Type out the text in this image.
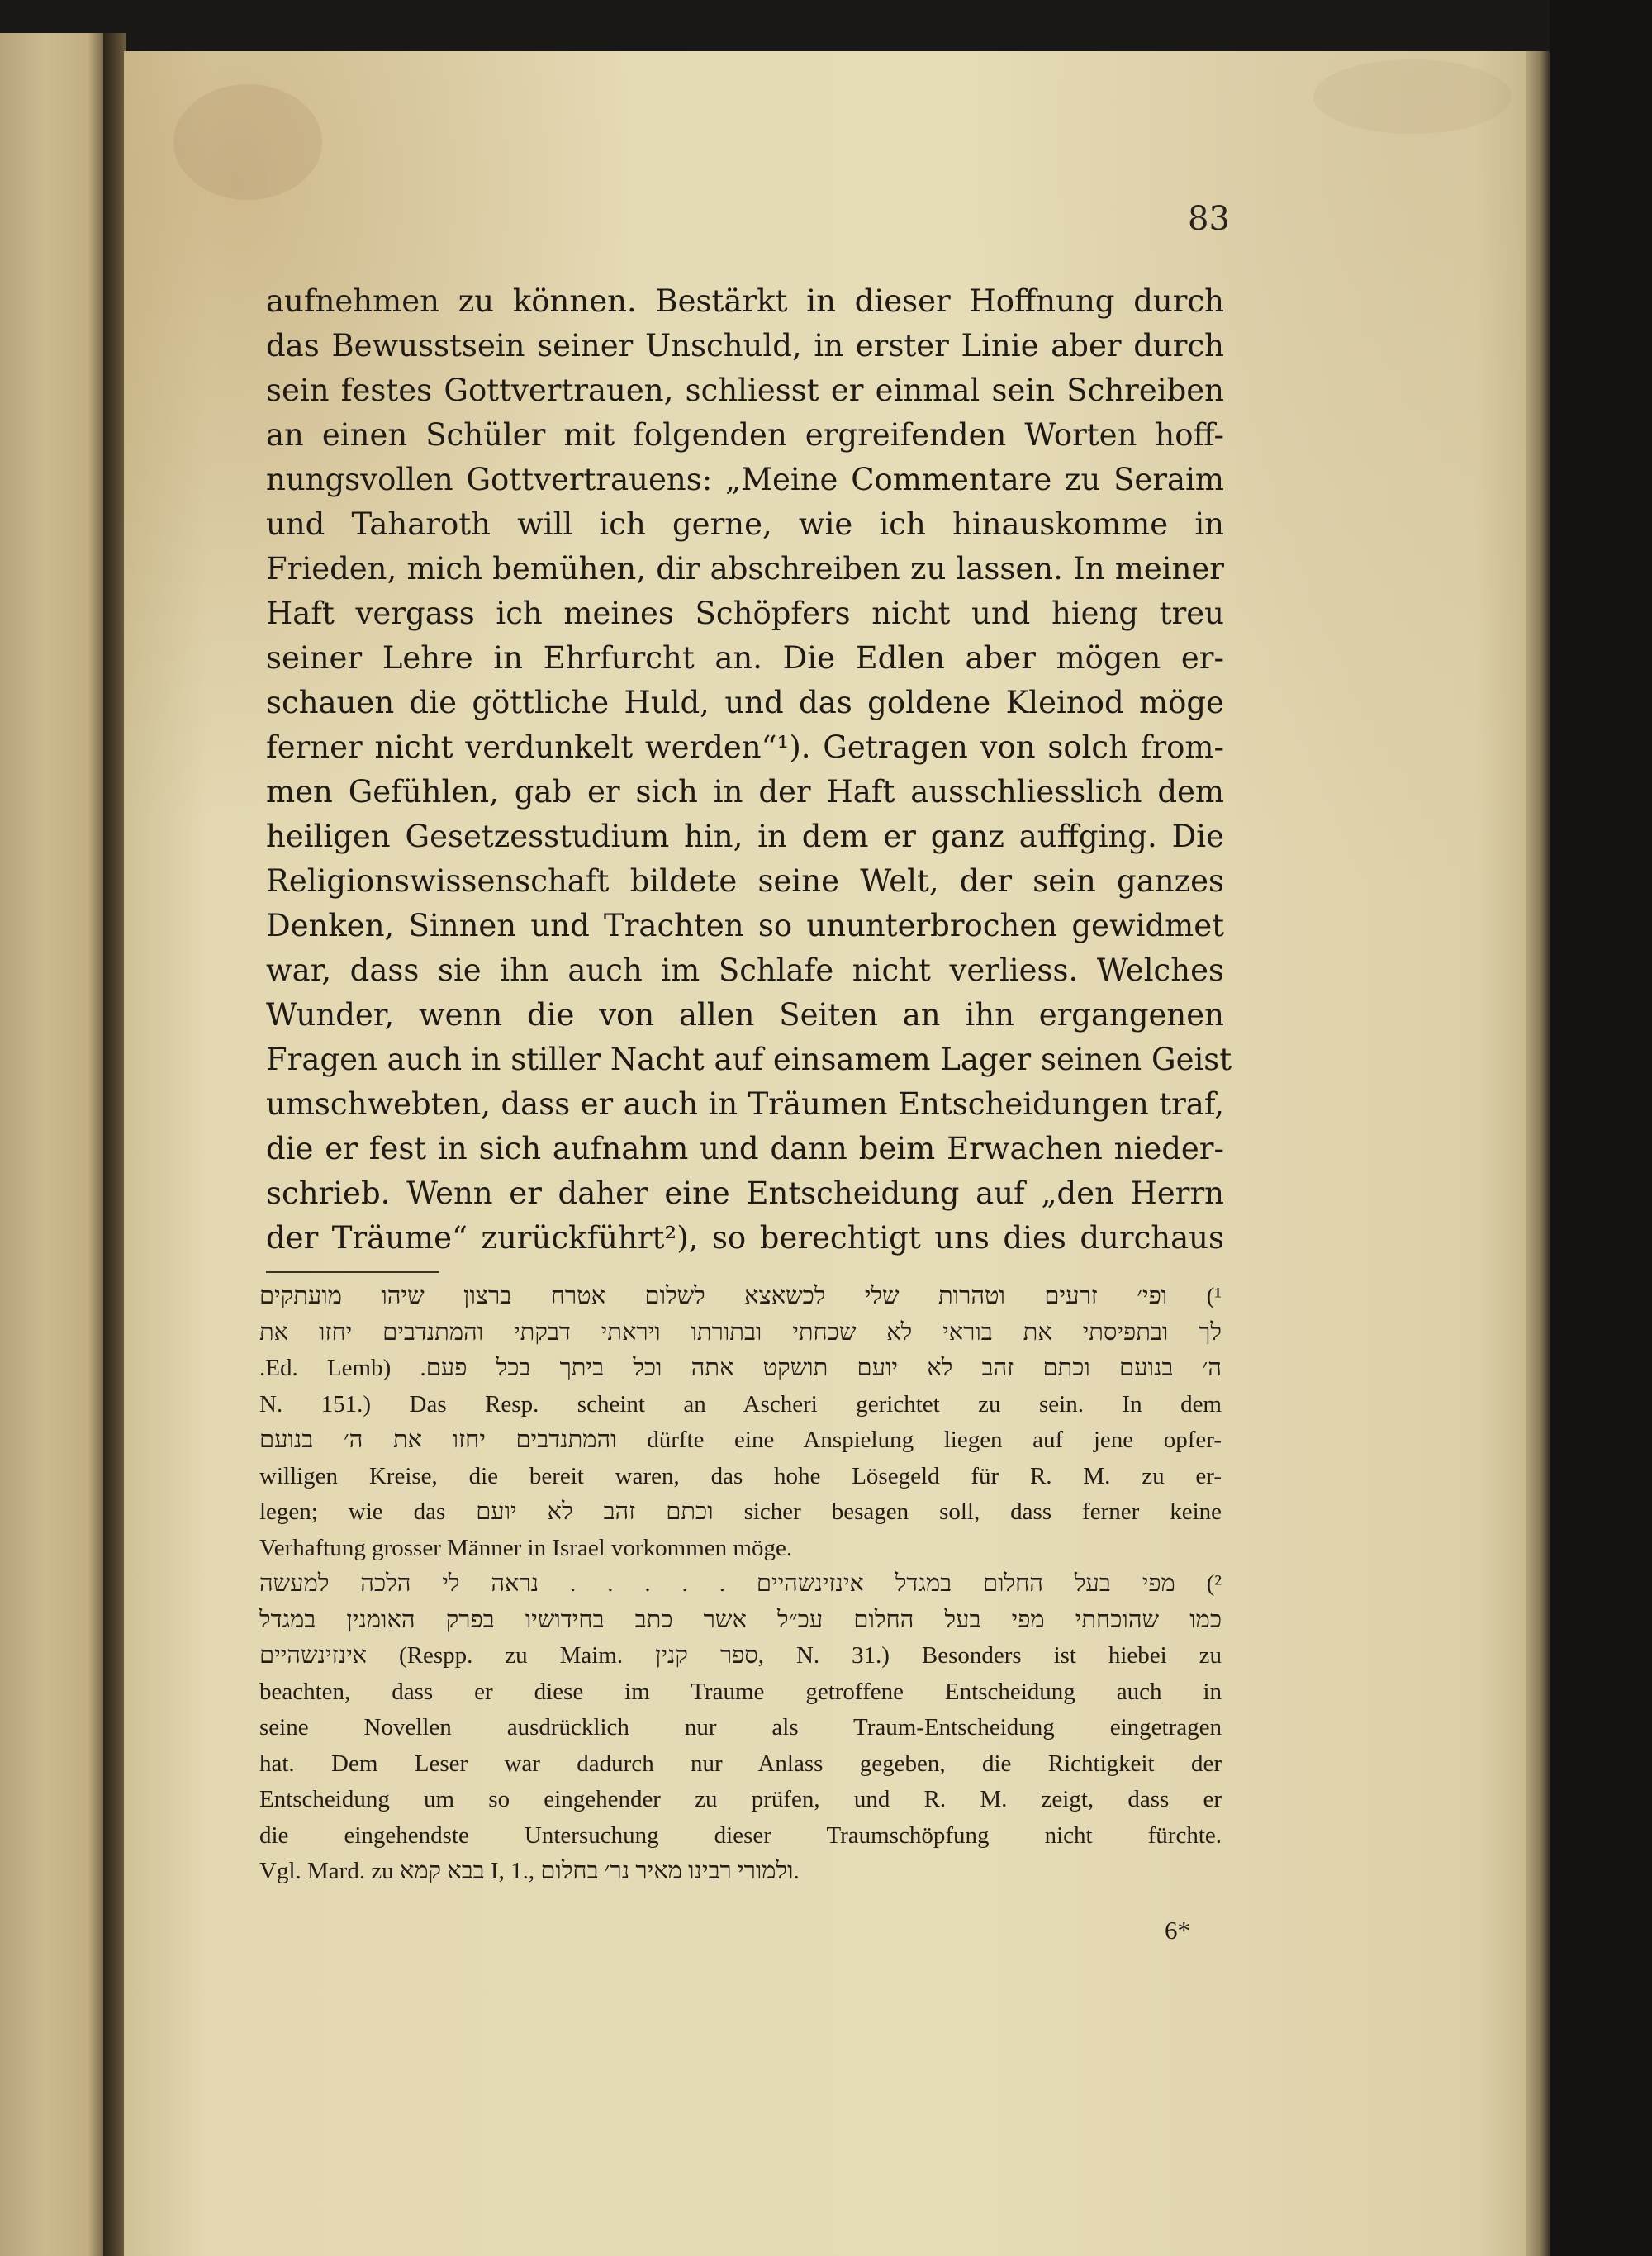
83
aufnehmen zu können. Bestärkt in dieser Hoffnung durch
das Bewusstsein seiner Unschuld, in erster Linie aber durch
sein festes Gottvertrauen, schliesst er einmal sein Schreiben
an einen Schüler mit folgenden ergreifenden Worten hoff-
nungsvollen Gottvertrauens: „Meine Commentare zu Seraim
und Taharoth will ich gerne, wie ich hinauskomme in
Frieden, mich bemühen, dir abschreiben zu lassen. In meiner
Haft vergass ich meines Schöpfers nicht und hieng treu
seiner Lehre in Ehrfurcht an. Die Edlen aber mögen er-
schauen die göttliche Huld, und das goldene Kleinod möge
ferner nicht verdunkelt werden“¹). Getragen von solch from-
men Gefühlen, gab er sich in der Haft ausschliesslich dem
heiligen Gesetzesstudium hin, in dem er ganz auffging. Die
Religionswissenschaft bildete seine Welt, der sein ganzes
Denken, Sinnen und Trachten so ununterbrochen gewidmet
war, dass sie ihn auch im Schlafe nicht verliess. Welches
Wunder, wenn die von allen Seiten an ihn ergangenen
Fragen auch in stiller Nacht auf einsamem Lager seinen Geist
umschwebten, dass er auch in Träumen Entscheidungen traf,
die er fest in sich aufnahm und dann beim Erwachen nieder-
schrieb. Wenn er daher eine Entscheidung auf „den Herrn
der Träume“ zurückführt²), so berechtigt uns dies durchaus
¹) ופי׳ זרעים וטהרות שלי לכשאצא לשלום אטרח ברצון שיהו מועתקים
לך ובתפיסתי את בוראי לא שכחתי ובתורתו ויראתי דבקתי והמתנדבים יחזו את
ה׳ בנועם וכתם זהב לא יועם תושקט אתה וכל ביתך בכל פעם. (Ed. Lemb.
N. 151.) Das Resp. scheint an Ascheri gerichtet zu sein. In dem
והמתנדבים יחזו את ה׳ בנועם dürfte eine Anspielung liegen auf jene opfer-
willigen Kreise, die bereit waren, das hohe Lösegeld für R. M. zu er-
legen; wie das וכתם זהב לא יועם sicher besagen soll, dass ferner keine
Verhaftung grosser Männer in Israel vorkommen möge.
²) מפי בעל החלום במגדל אינזינשהיים . . . . . נראה לי הלכה למעשה
כמו שהוכחתי מפי בעל החלום עכ״ל אשר כתב בחידושיו בפרק האומנין במגדל
אינזינשהיים (Respp. zu Maim. ספר קנין, N. 31.) Besonders ist hiebei zu
beachten, dass er diese im Traume getroffene Entscheidung auch in
seine Novellen ausdrücklich nur als Traum-Entscheidung eingetragen
hat. Dem Leser war dadurch nur Anlass gegeben, die Richtigkeit der
Entscheidung um so eingehender zu prüfen, und R. M. zeigt, dass er
die eingehendste Untersuchung dieser Traumschöpfung nicht fürchte.
Vgl. Mard. zu בבא קמא I, 1., ולמורי רבינו מאיר נר׳ בחלום.
6*
